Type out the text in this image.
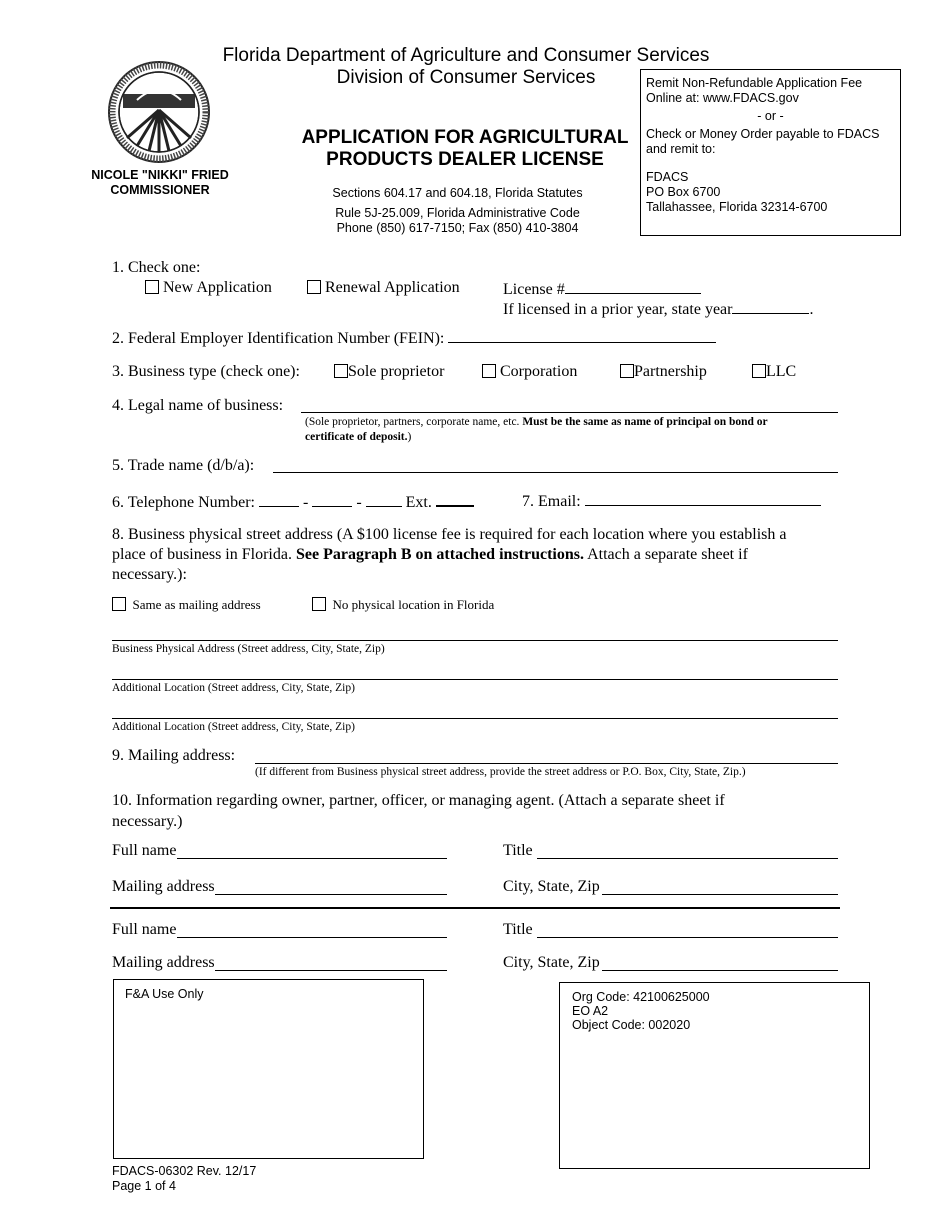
Florida Department of Agriculture and Consumer Services
Division of Consumer Services
NICOLE "NIKKI" FRIED
COMMISSIONER
APPLICATION FOR AGRICULTURAL
PRODUCTS DEALER LICENSE
Sections 604.17 and 604.18, Florida Statutes
Rule 5J-25.009, Florida Administrative Code
Phone (850) 617-7150; Fax (850) 410-3804
Remit Non-Refundable Application Fee
Online at: www.FDACS.gov
- or -
Check or Money Order payable to FDACS
and remit to:
FDACS
PO Box 6700
Tallahassee, Florida 32314-6700
1. Check one:
New Application	Renewal Application	License #
If licensed in a prior year, state year	.
2. Federal Employer Identification Number (FEIN):
3. Business type (check one):	Sole proprietor	Corporation	Partnership	LLC
4. Legal name of business:
(Sole proprietor, partners, corporate name, etc. Must be the same as name of principal on bond or
certificate of deposit.)
5. Trade name (d/b/a):
6. Telephone Number:	-	-	Ext.	7. Email:
8. Business physical street address (A $100 license fee is required for each location where you establish a
place of business in Florida. See Paragraph B on attached instructions. Attach a separate sheet if
necessary.):
Same as mailing address	No physical location in Florida
Business Physical Address (Street address, City, State, Zip)
Additional Location (Street address, City, State, Zip)
Additional Location (Street address, City, State, Zip)
9. Mailing address:
(If different from Business physical street address, provide the street address or P.O. Box, City, State, Zip.)
10. Information regarding owner, partner, officer, or managing agent. (Attach a separate sheet if
necessary.)
Full name	Title
Mailing address	City, State, Zip
Full name	Title
Mailing address	City, State, Zip
F&A Use Only	Org Code: 42100625000
EO A2
Object Code: 002020
FDACS-06302 Rev. 12/17
Page 1 of 4
